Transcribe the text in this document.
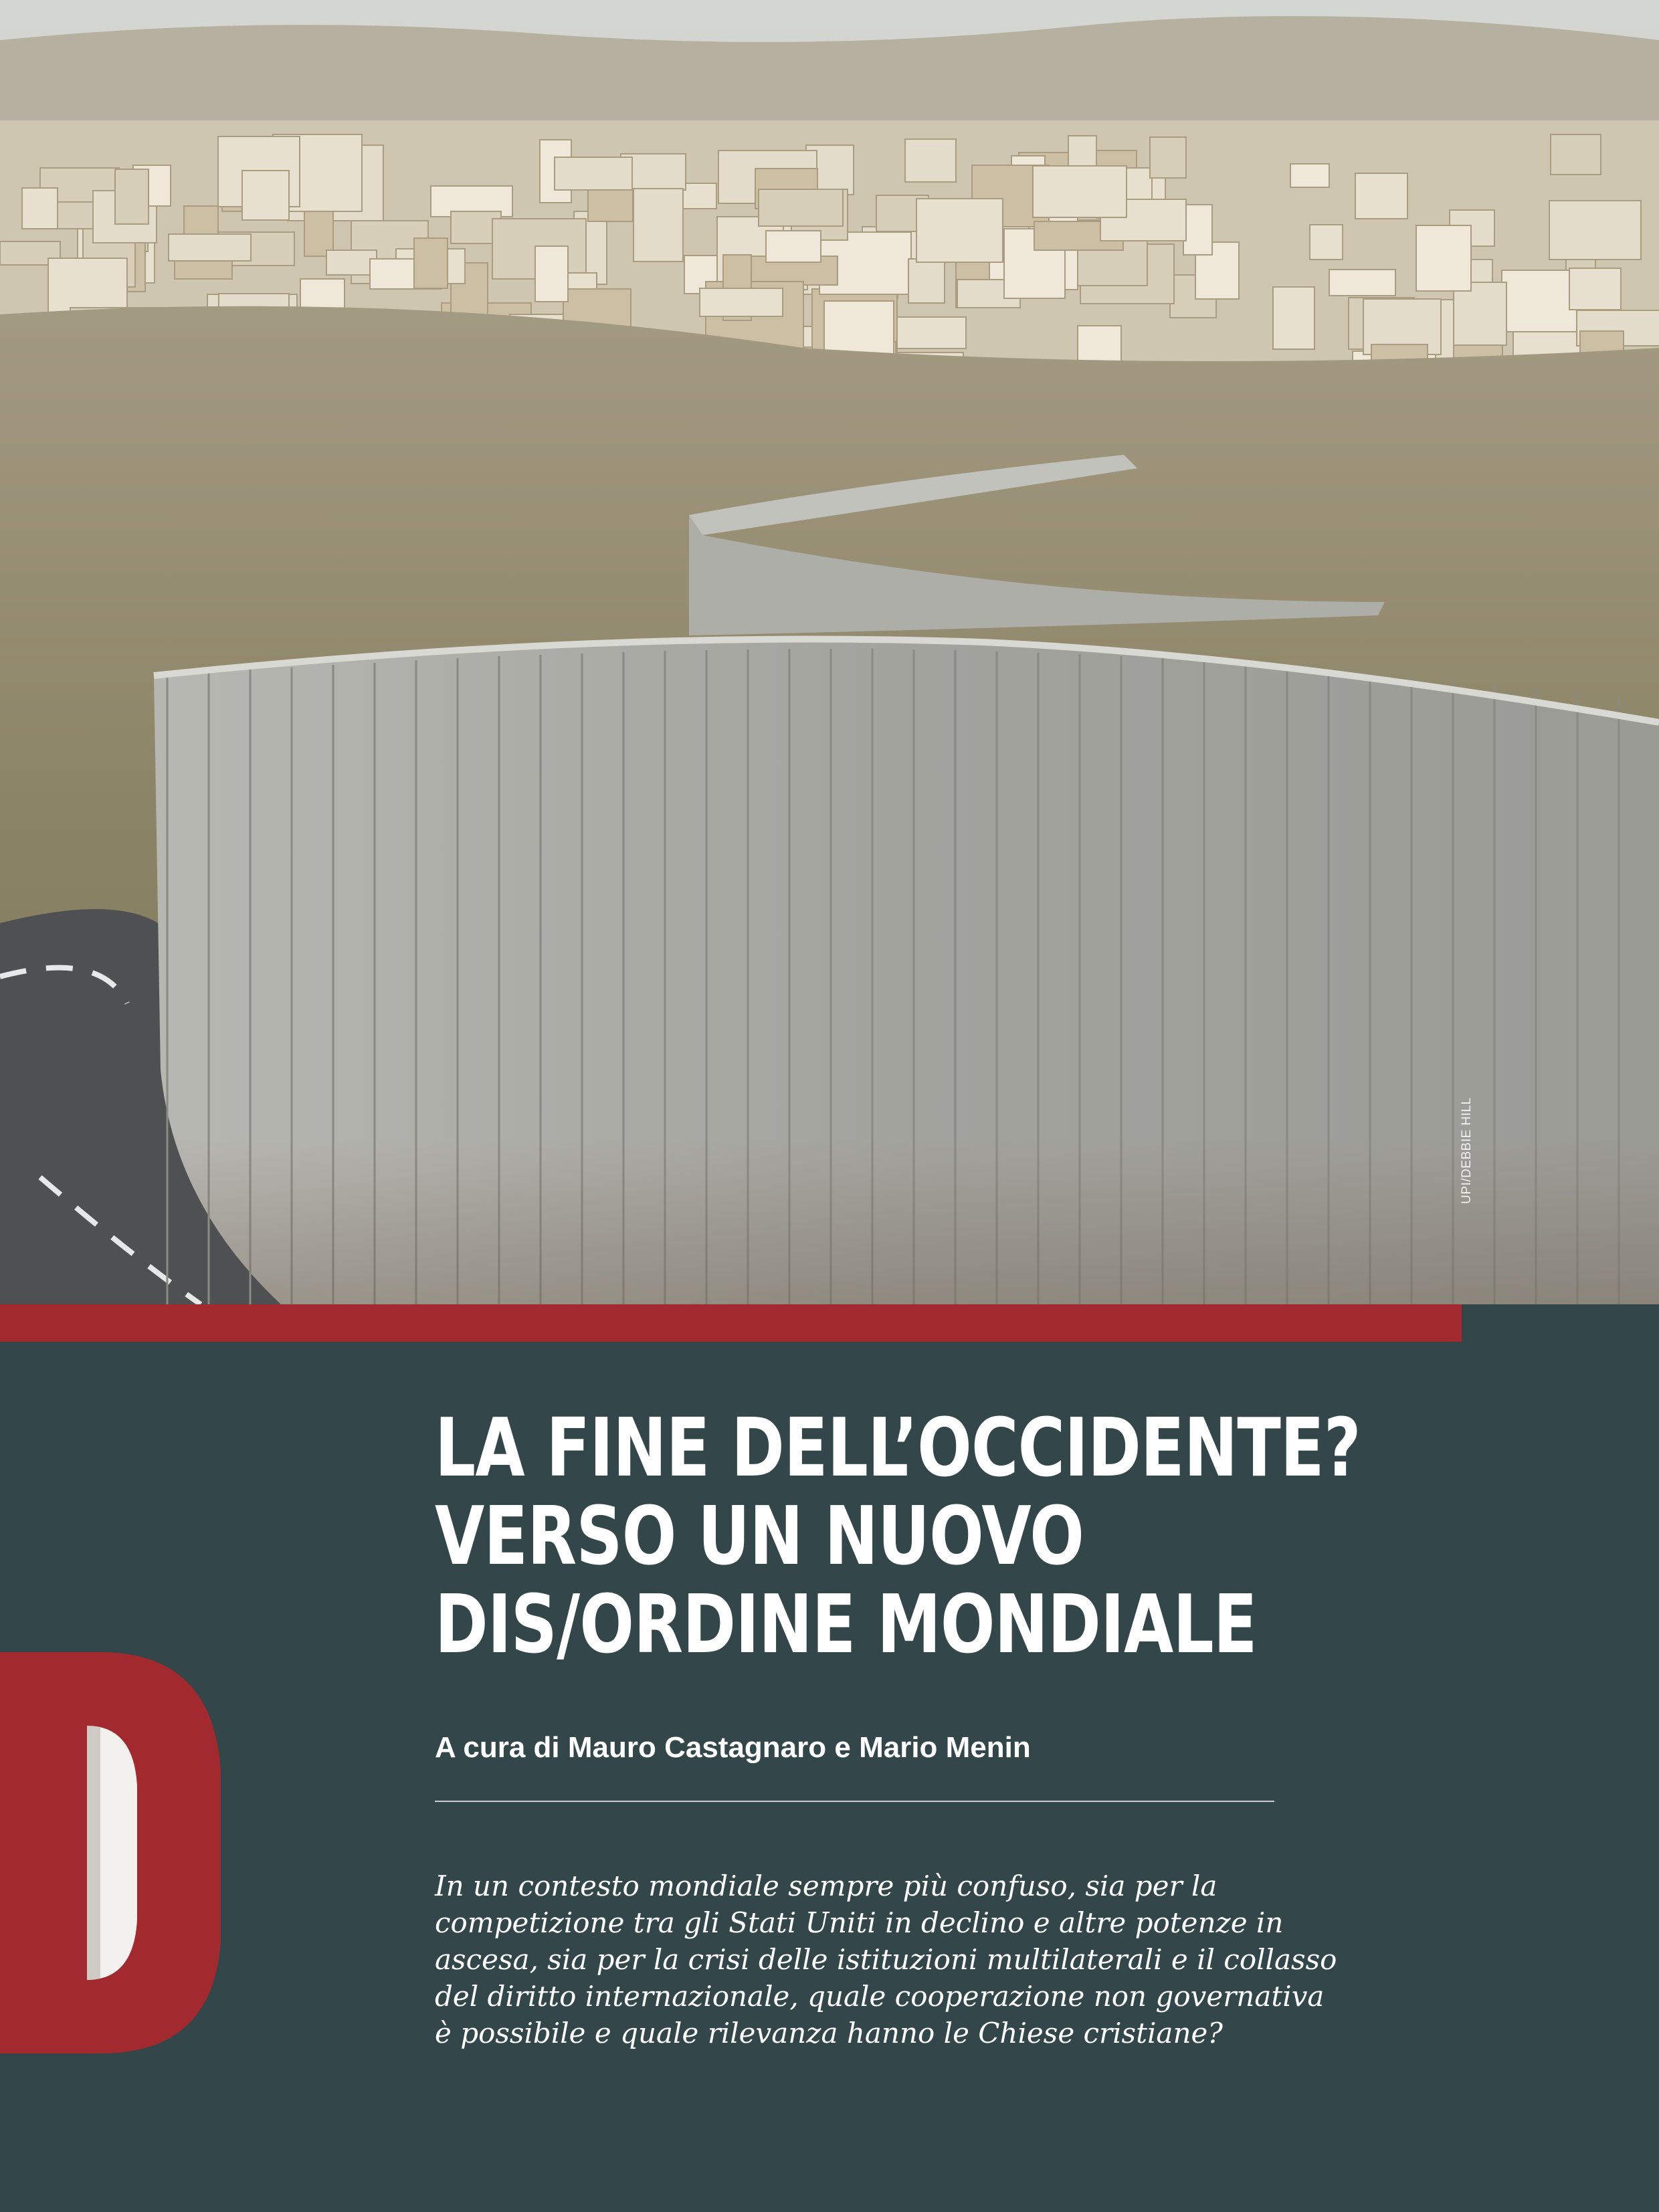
UPI/DEBBIE HILL
LA FINE DELL’OCCIDENTE?
VERSO UN NUOVO
DIS/ORDINE MONDIALE
A cura di Mauro Castagnaro e Mario Menin

In un contesto mondiale sempre più confuso, sia per la
competizione tra gli Stati Uniti in declino e altre potenze in
ascesa, sia per la crisi delle istituzioni multilaterali e il collasso
del diritto internazionale, quale cooperazione non governativa
è possibile e quale rilevanza hanno le Chiese cristiane?
